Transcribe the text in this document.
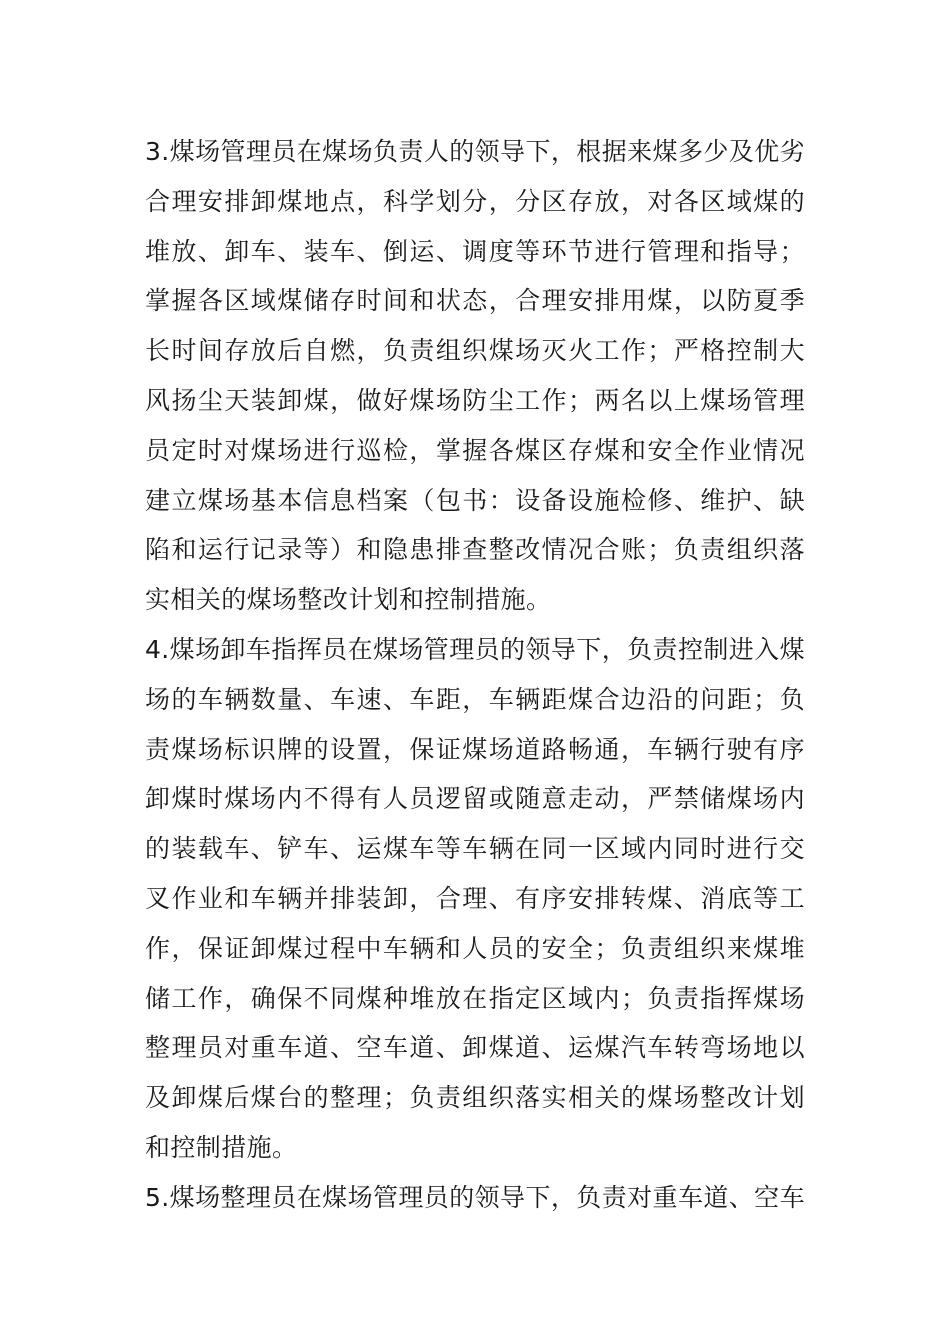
3.煤场管理员在煤场负责人的领导下，根据来煤多少及优劣
合理安排卸煤地点，科学划分，分区存放，对各区域煤的
堆放、卸车、装车、倒运、调度等环节进行管理和指导；
掌握各区域煤储存时间和状态，合理安排用煤，以防夏季
长时间存放后自燃，负责组织煤场灭火工作；严格控制大
风扬尘天装卸煤，做好煤场防尘工作；两名以上煤场管理
员定时对煤场进行巡检，掌握各煤区存煤和安全作业情况
建立煤场基本信息档案（包书：设备设施检修、维护、缺
陷和运行记录等）和隐患排查整改情况合账；负责组织落
实相关的煤场整改计划和控制措施。
4.煤场卸车指挥员在煤场管理员的领导下，负责控制进入煤
场的车辆数量、车速、车距，车辆距煤合边沿的问距；负
责煤场标识牌的设置，保证煤场道路畅通，车辆行驶有序
卸煤时煤场内不得有人员逻留或随意走动，严禁储煤场内
的装载车、铲车、运煤车等车辆在同一区域内同时进行交
叉作业和车辆并排装卸，合理、有序安排转煤、消底等工
作，保证卸煤过程中车辆和人员的安全；负责组织来煤堆
储工作，确保不同煤种堆放在指定区域内；负责指挥煤场
整理员对重车道、空车道、卸煤道、运煤汽车转弯场地以
及卸煤后煤台的整理；负责组织落实相关的煤场整改计划
和控制措施。
5.煤场整理员在煤场管理员的领导下，负责对重车道、空车
